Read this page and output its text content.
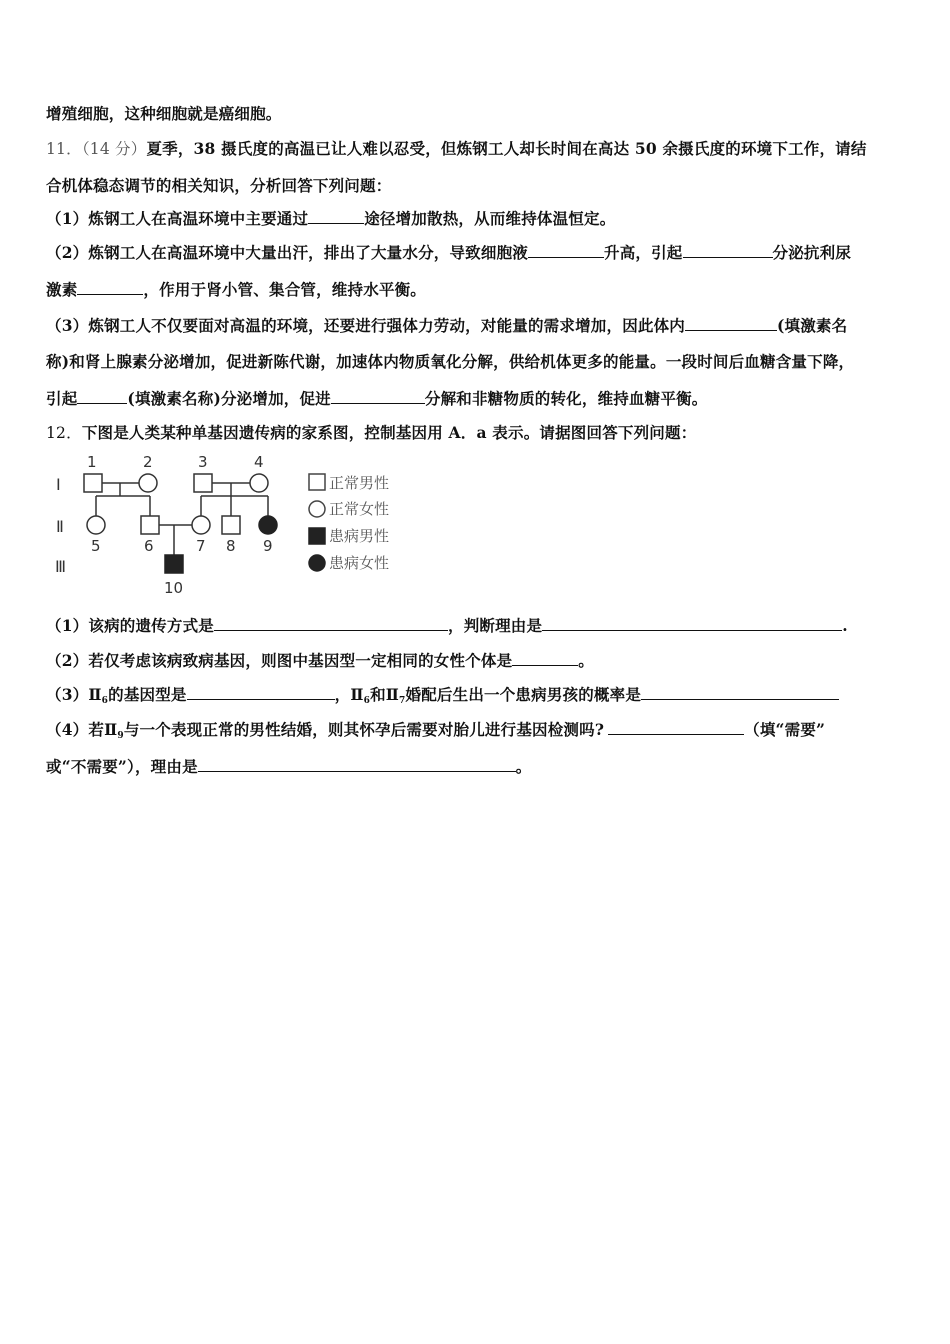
增殖细胞，这种细胞就是癌细胞。
11．（14 分）夏季，38 摄氏度的高温已让人难以忍受，但炼钢工人却长时间在高达 50 余摄氏度的环境下工作，请结
合机体稳态调节的相关知识，分析回答下列问题：
（1）炼钢工人在高温环境中主要通过	途径增加散热，从而维持体温恒定。
（2）炼钢工人在高温环境中大量出汗，排出了大量水分，导致细胞液	升高，引起	分泌抗利尿
激素	，作用于肾小管、集合管，维持水平衡。
（3）炼钢工人不仅要面对高温的环境，还要进行强体力劳动，对能量的需求增加，因此体内	(填激素名
称)和肾上腺素分泌增加，促进新陈代谢，加速体内物质氧化分解，供给机体更多的能量。一段时间后血糖含量下降，
引起	(填激素名称)分泌增加，促进	分解和非糖物质的转化，维持血糖平衡。
12．下图是人类某种单基因遗传病的家系图，控制基因用 A．a 表示。请据图回答下列问题：
Ⅰ
Ⅱ
Ⅲ
1	2	3	4
5	6	7 8 9
10
正常男性
正常女性
患病男性
患病女性
（1）该病的遗传方式是	，判断理由是	.
（2）若仅考虑该病致病基因，则图中基因型一定相同的女性个体是	。
$(3)Ⅱ_6$的基因型是	，$Ⅱ_6$和$Ⅱ_7$婚配后生出一个患病男孩的概率是
（4）若$Ⅱ_9$与一个表现正常的男性结婚，则其怀孕后需要对胎儿进行基因检测吗?	（填“需要”
或“不需要”），理由是	。
